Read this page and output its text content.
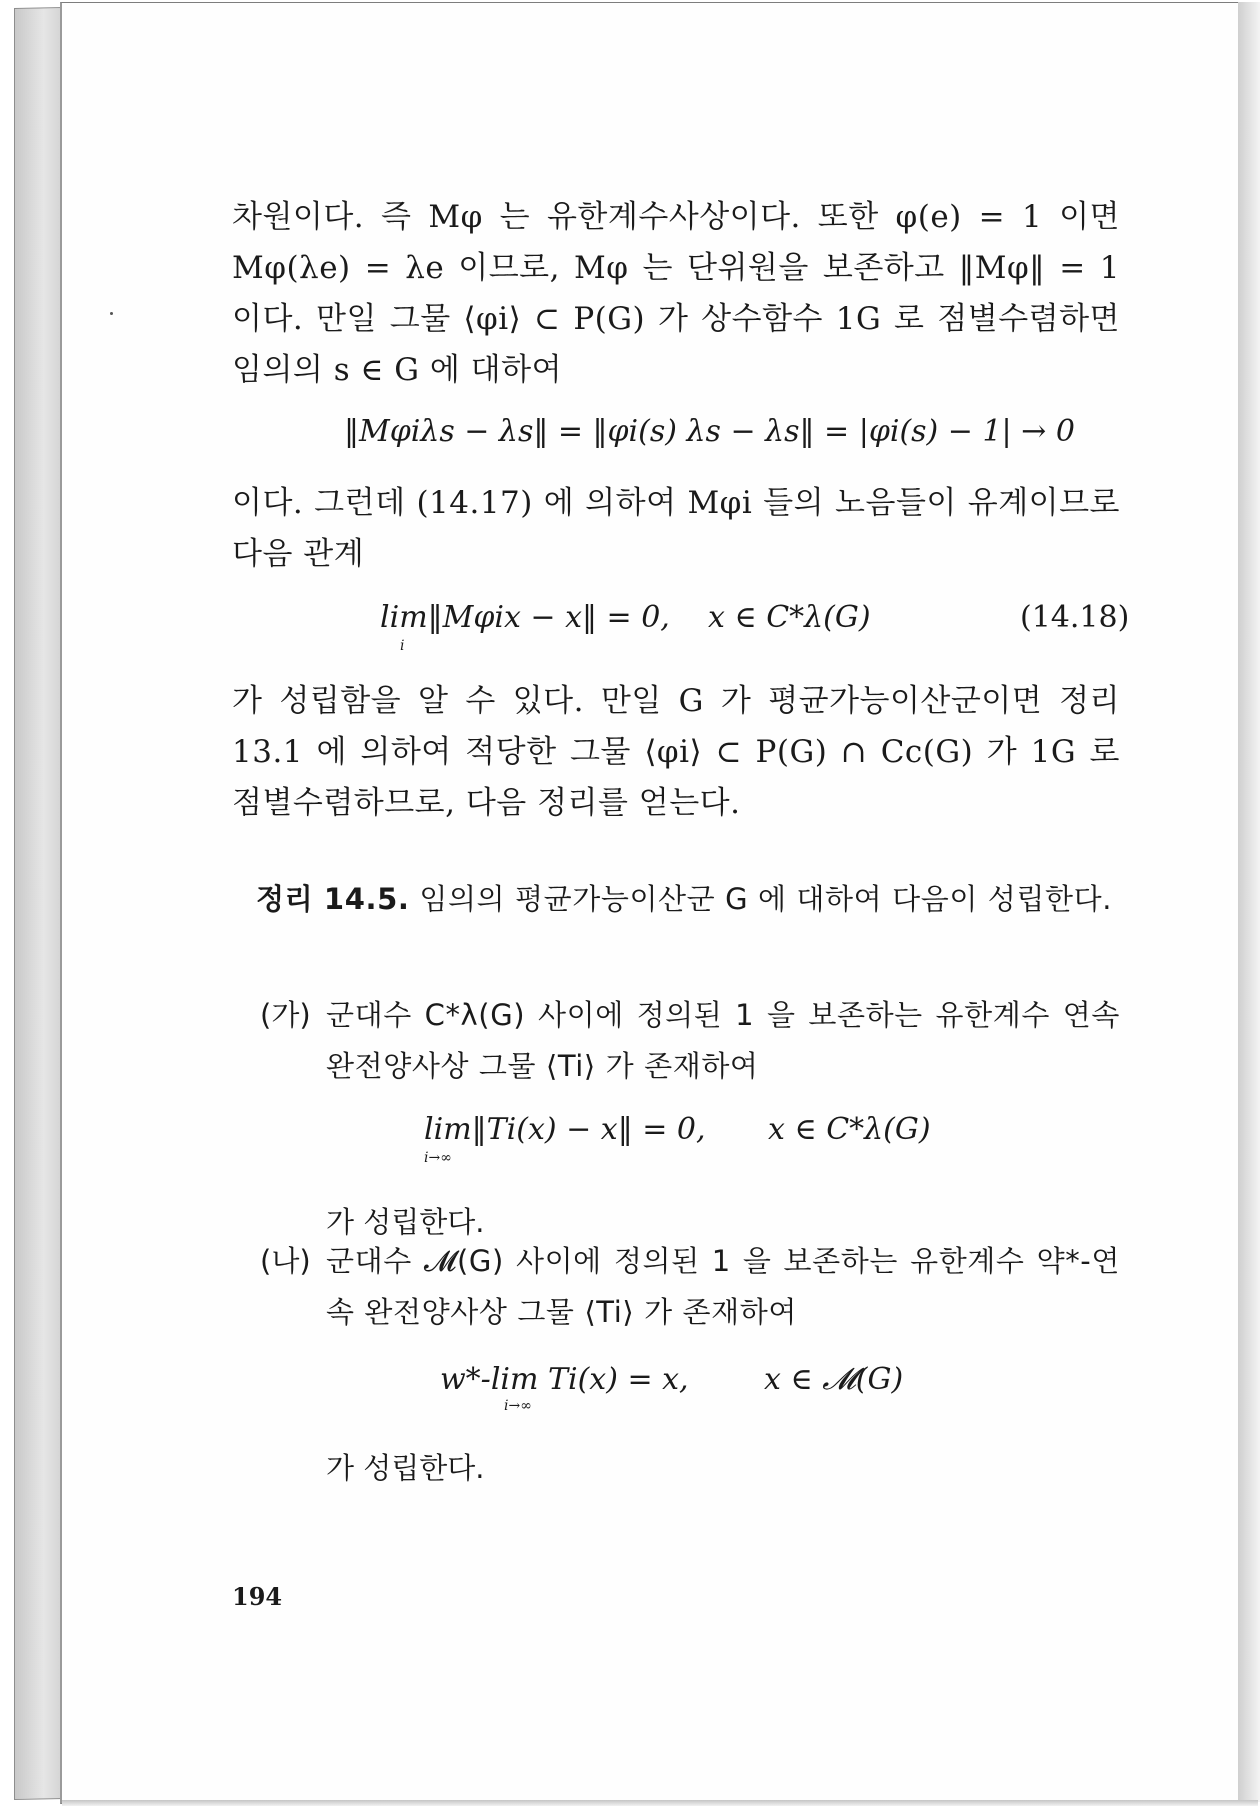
차원이다. 즉 Mφ 는 유한계수사상이다. 또한 φ(e) = 1 이면 Mφ(λe) = λe 이므로, Mφ 는 단위원을 보존하고 ‖Mφ‖ = 1 이다. 만일 그물 ⟨φi⟩ ⊂ P(G) 가 상수함수 1G 로 점별수렴하면 임의의 s ∈ G 에 대하여
‖Mφiλs − λs‖ = ‖φi(s) λs − λs‖ = |φi(s) − 1| → 0
이다. 그런데 (14.17) 에 의하여 Mφi 들의 노음들이 유계이므로 다음 관계
lim‖Mφix − x‖ = 0,
i
x ∈ C*λ(G)	(14.18)
가 성립함을 알 수 있다. 만일 G 가 평균가능이산군이면 정리 13.1 에 의하여 적당한 그물 ⟨φi⟩ ⊂ P(G) ∩ Cc(G) 가 1G 로 점별수렴하므로, 다음 정리를 얻는다.
정리 14.5. 임의의 평균가능이산군 G 에 대하여 다음이 성립한다.
(가) 군대수 C*λ(G) 사이에 정의된 1 을 보존하는 유한계수 연속 완전양사상 그물 ⟨Ti⟩ 가 존재하여
lim‖Ti(x) − x‖ = 0,
i→∞
x ∈ C*λ(G)
가 성립한다.
(나) 군대수 𝓜(G) 사이에 정의된 1 을 보존하는 유한계수 약*-연속 완전양사상 그물 ⟨Ti⟩ 가 존재하여
w*-lim Ti(x) = x,
i→∞
x ∈ 𝓜(G)
가 성립한다.
194
